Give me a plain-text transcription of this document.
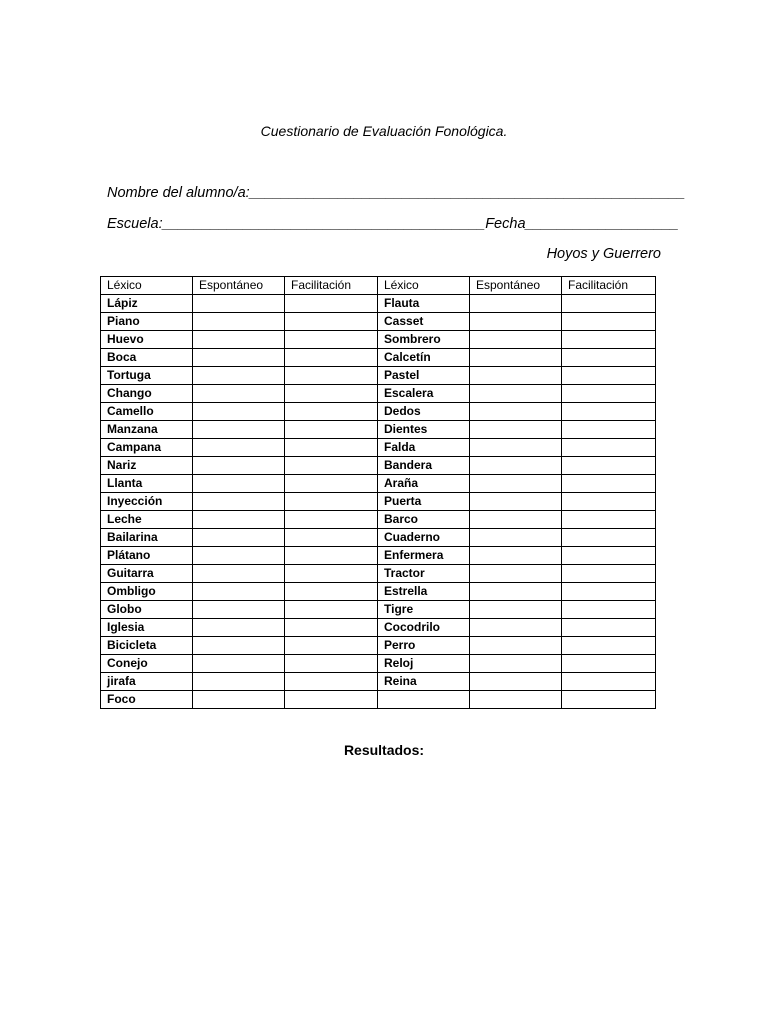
Cuestionario de Evaluación Fonológica.
Nombre del alumno/a:______________________________________________________
Escuela:________________________________________Fecha___________________
Hoyos y Guerrero
Léxico	Espontáneo	Facilitación	Léxico	Espontáneo	Facilitación
Lápiz			Flauta		
Piano			Casset		
Huevo			Sombrero		
Boca			Calcetín		
Tortuga			Pastel		
Chango			Escalera		
Camello			Dedos		
Manzana			Dientes		
Campana			Falda		
Nariz			Bandera		
Llanta			Araña		
Inyección			Puerta		
Leche			Barco		
Bailarina			Cuaderno		
Plátano			Enfermera		
Guitarra			Tractor		
Ombligo			Estrella		
Globo			Tigre		
Iglesia			Cocodrilo		
Bicicleta			Perro		
Conejo			Reloj		
jirafa			Reina		
Foco					
Resultados:
